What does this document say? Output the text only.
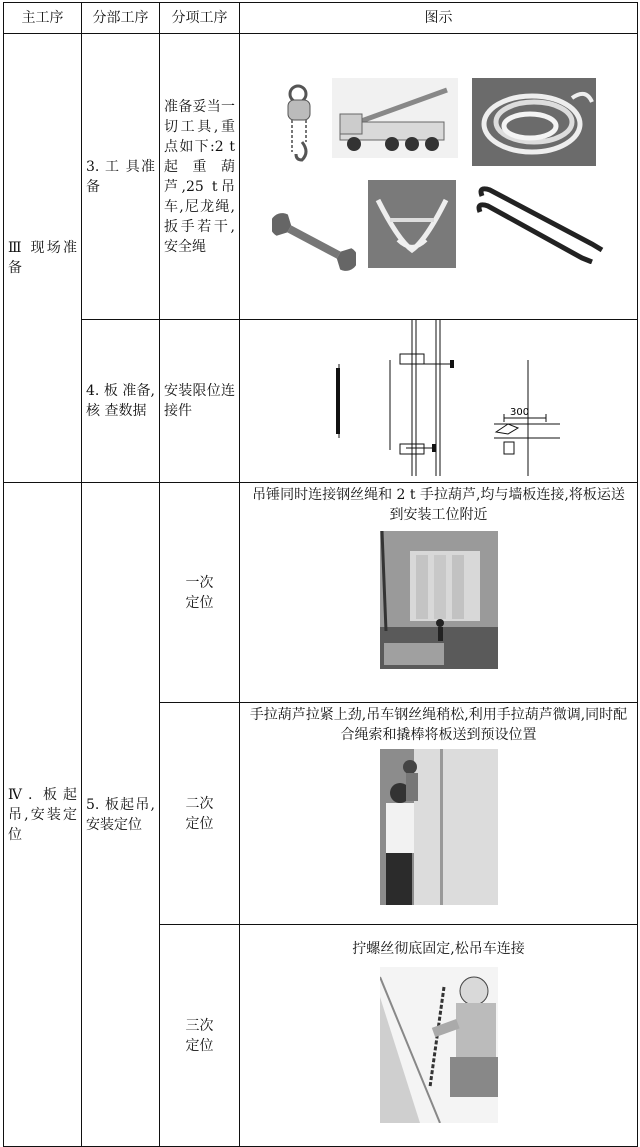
主工序	分部工序	分项工序	图示

Ⅲ 现场准备	3. 工 具准备	准备妥当一切工具,重点如下:2 t起重葫芦,25 t吊车,尼龙绳,扳手若干,安全绳

	4. 板 准备,核 查数据	安装限位连接件	300

Ⅳ. 板起吊,安装定位	5. 板起吊,安装定位	一次定位	吊锤同时连接钢丝绳和 2 t 手拉葫芦,均与墙板连接,将板运送到安装工位附近

		二次定位	手拉葫芦拉紧上劲,吊车钢丝绳稍松,利用手拉葫芦微调,同时配合绳索和撬棒将板送到预设位置

		三次定位	拧螺丝彻底固定,松吊车连接
